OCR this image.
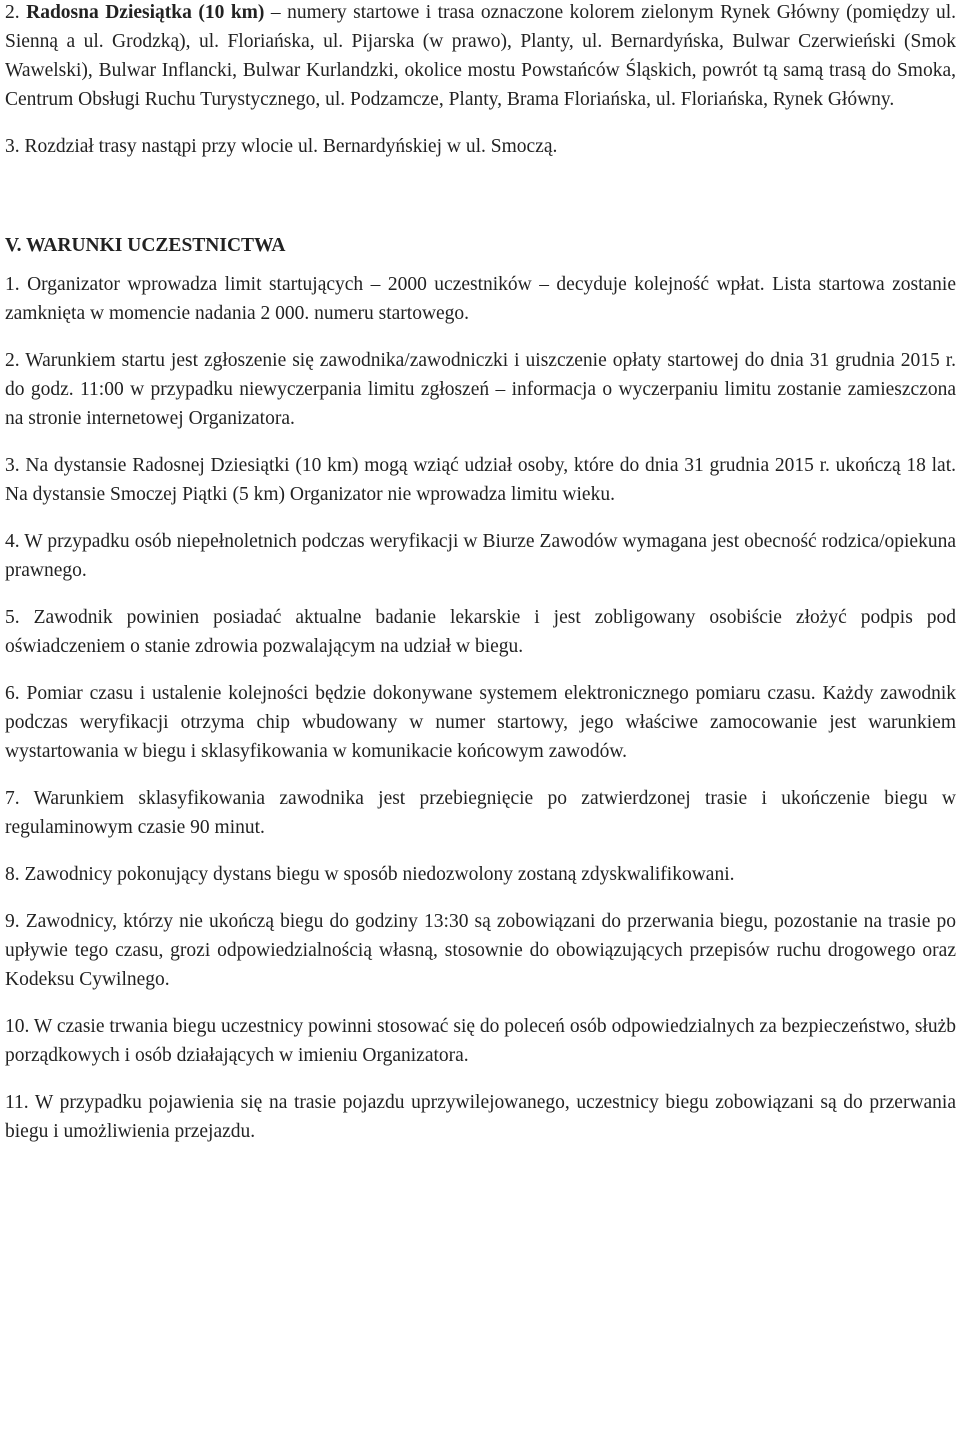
2. Radosna Dziesiątka (10 km) – numery startowe i trasa oznaczone kolorem zielonym Rynek Główny (pomiędzy ul. Sienną a ul. Grodzką), ul. Floriańska, ul. Pijarska (w prawo), Planty, ul. Bernardyńska, Bulwar Czerwieński (Smok Wawelski), Bulwar Inflancki, Bulwar Kurlandzki, okolice mostu Powstańców Śląskich, powrót tą samą trasą do Smoka, Centrum Obsługi Ruchu Turystycznego, ul. Podzamcze, Planty, Brama Floriańska, ul. Floriańska, Rynek Główny.

3. Rozdział trasy nastąpi przy wlocie ul. Bernardyńskiej w ul. Smoczą.

V. WARUNKI UCZESTNICTWA

1. Organizator wprowadza limit startujących – 2000 uczestników – decyduje kolejność wpłat. Lista startowa zostanie zamknięta w momencie nadania 2 000. numeru startowego.

2. Warunkiem startu jest zgłoszenie się zawodnika/zawodniczki i uiszczenie opłaty startowej do dnia 31 grudnia 2015 r. do godz. 11:00 w przypadku niewyczerpania limitu zgłoszeń – informacja o wyczerpaniu limitu zostanie zamieszczona na stronie internetowej Organizatora.

3. Na dystansie Radosnej Dziesiątki (10 km) mogą wziąć udział osoby, które do dnia 31 grudnia 2015 r. ukończą 18 lat. Na dystansie Smoczej Piątki (5 km) Organizator nie wprowadza limitu wieku.

4. W przypadku osób niepełnoletnich podczas weryfikacji w Biurze Zawodów wymagana jest obecność rodzica/opiekuna prawnego.

5. Zawodnik powinien posiadać aktualne badanie lekarskie i jest zobligowany osobiście złożyć podpis pod oświadczeniem o stanie zdrowia pozwalającym na udział w biegu.

6. Pomiar czasu i ustalenie kolejności będzie dokonywane systemem elektronicznego pomiaru czasu. Każdy zawodnik podczas weryfikacji otrzyma chip wbudowany w numer startowy, jego właściwe zamocowanie jest warunkiem wystartowania w biegu i sklasyfikowania w komunikacie końcowym zawodów.

7. Warunkiem sklasyfikowania zawodnika jest przebiegnięcie po zatwierdzonej trasie i ukończenie biegu w regulaminowym czasie 90 minut.

8. Zawodnicy pokonujący dystans biegu w sposób niedozwolony zostaną zdyskwalifikowani.

9. Zawodnicy, którzy nie ukończą biegu do godziny 13:30 są zobowiązani do przerwania biegu, pozostanie na trasie po upływie tego czasu, grozi odpowiedzialnością własną, stosownie do obowiązujących przepisów ruchu drogowego oraz Kodeksu Cywilnego.

10. W czasie trwania biegu uczestnicy powinni stosować się do poleceń osób odpowiedzialnych za bezpieczeństwo, służb porządkowych i osób działających w imieniu Organizatora.

11. W przypadku pojawienia się na trasie pojazdu uprzywilejowanego, uczestnicy biegu zobowiązani są do przerwania biegu i umożliwienia przejazdu.
